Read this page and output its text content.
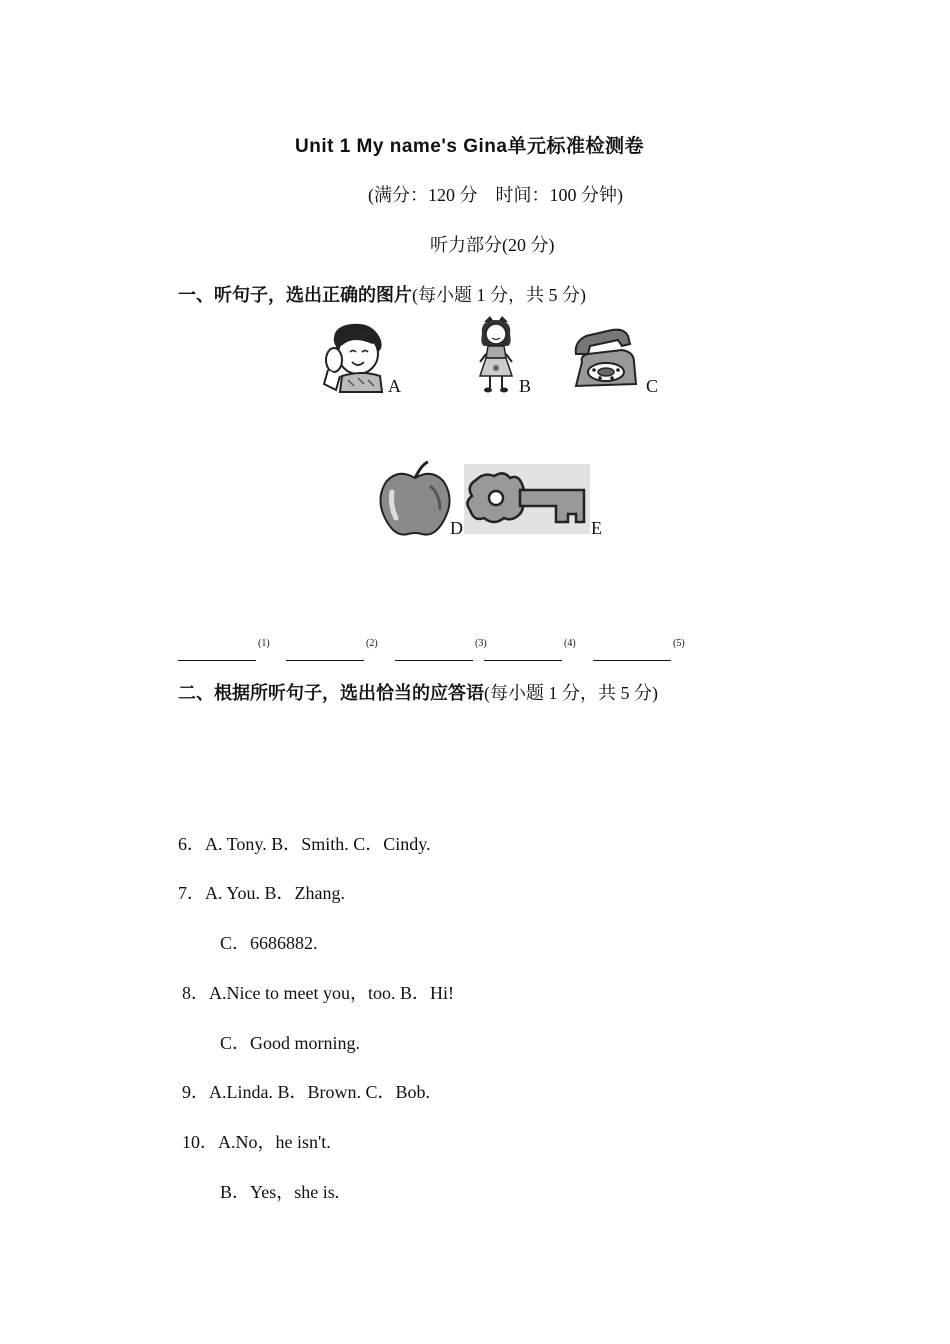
Unit 1 My name's Gina单元标准检测卷
(满分：120 分　时间：100 分钟)
听力部分(20 分)
一、听句子，选出正确的图片(每小题 1 分，共 5 分)
A	B	C
D	E
$^{(1)}$	$^{(2)}$	$^{(3)}$	$^{(4)}$	$^{(5)}$
二、根据所听句子，选出恰当的应答语(每小题 1 分，共 5 分)
6．A. Tony. B．Smith. C．Cindy.
7．A. You. B．Zhang.
C．6686882.
8．A.Nice to meet you，too. B．Hi!
C．Good morning.
9．A.Linda. B．Brown. C．Bob.
10．A.No，he isn't.
B．Yes，she is.
